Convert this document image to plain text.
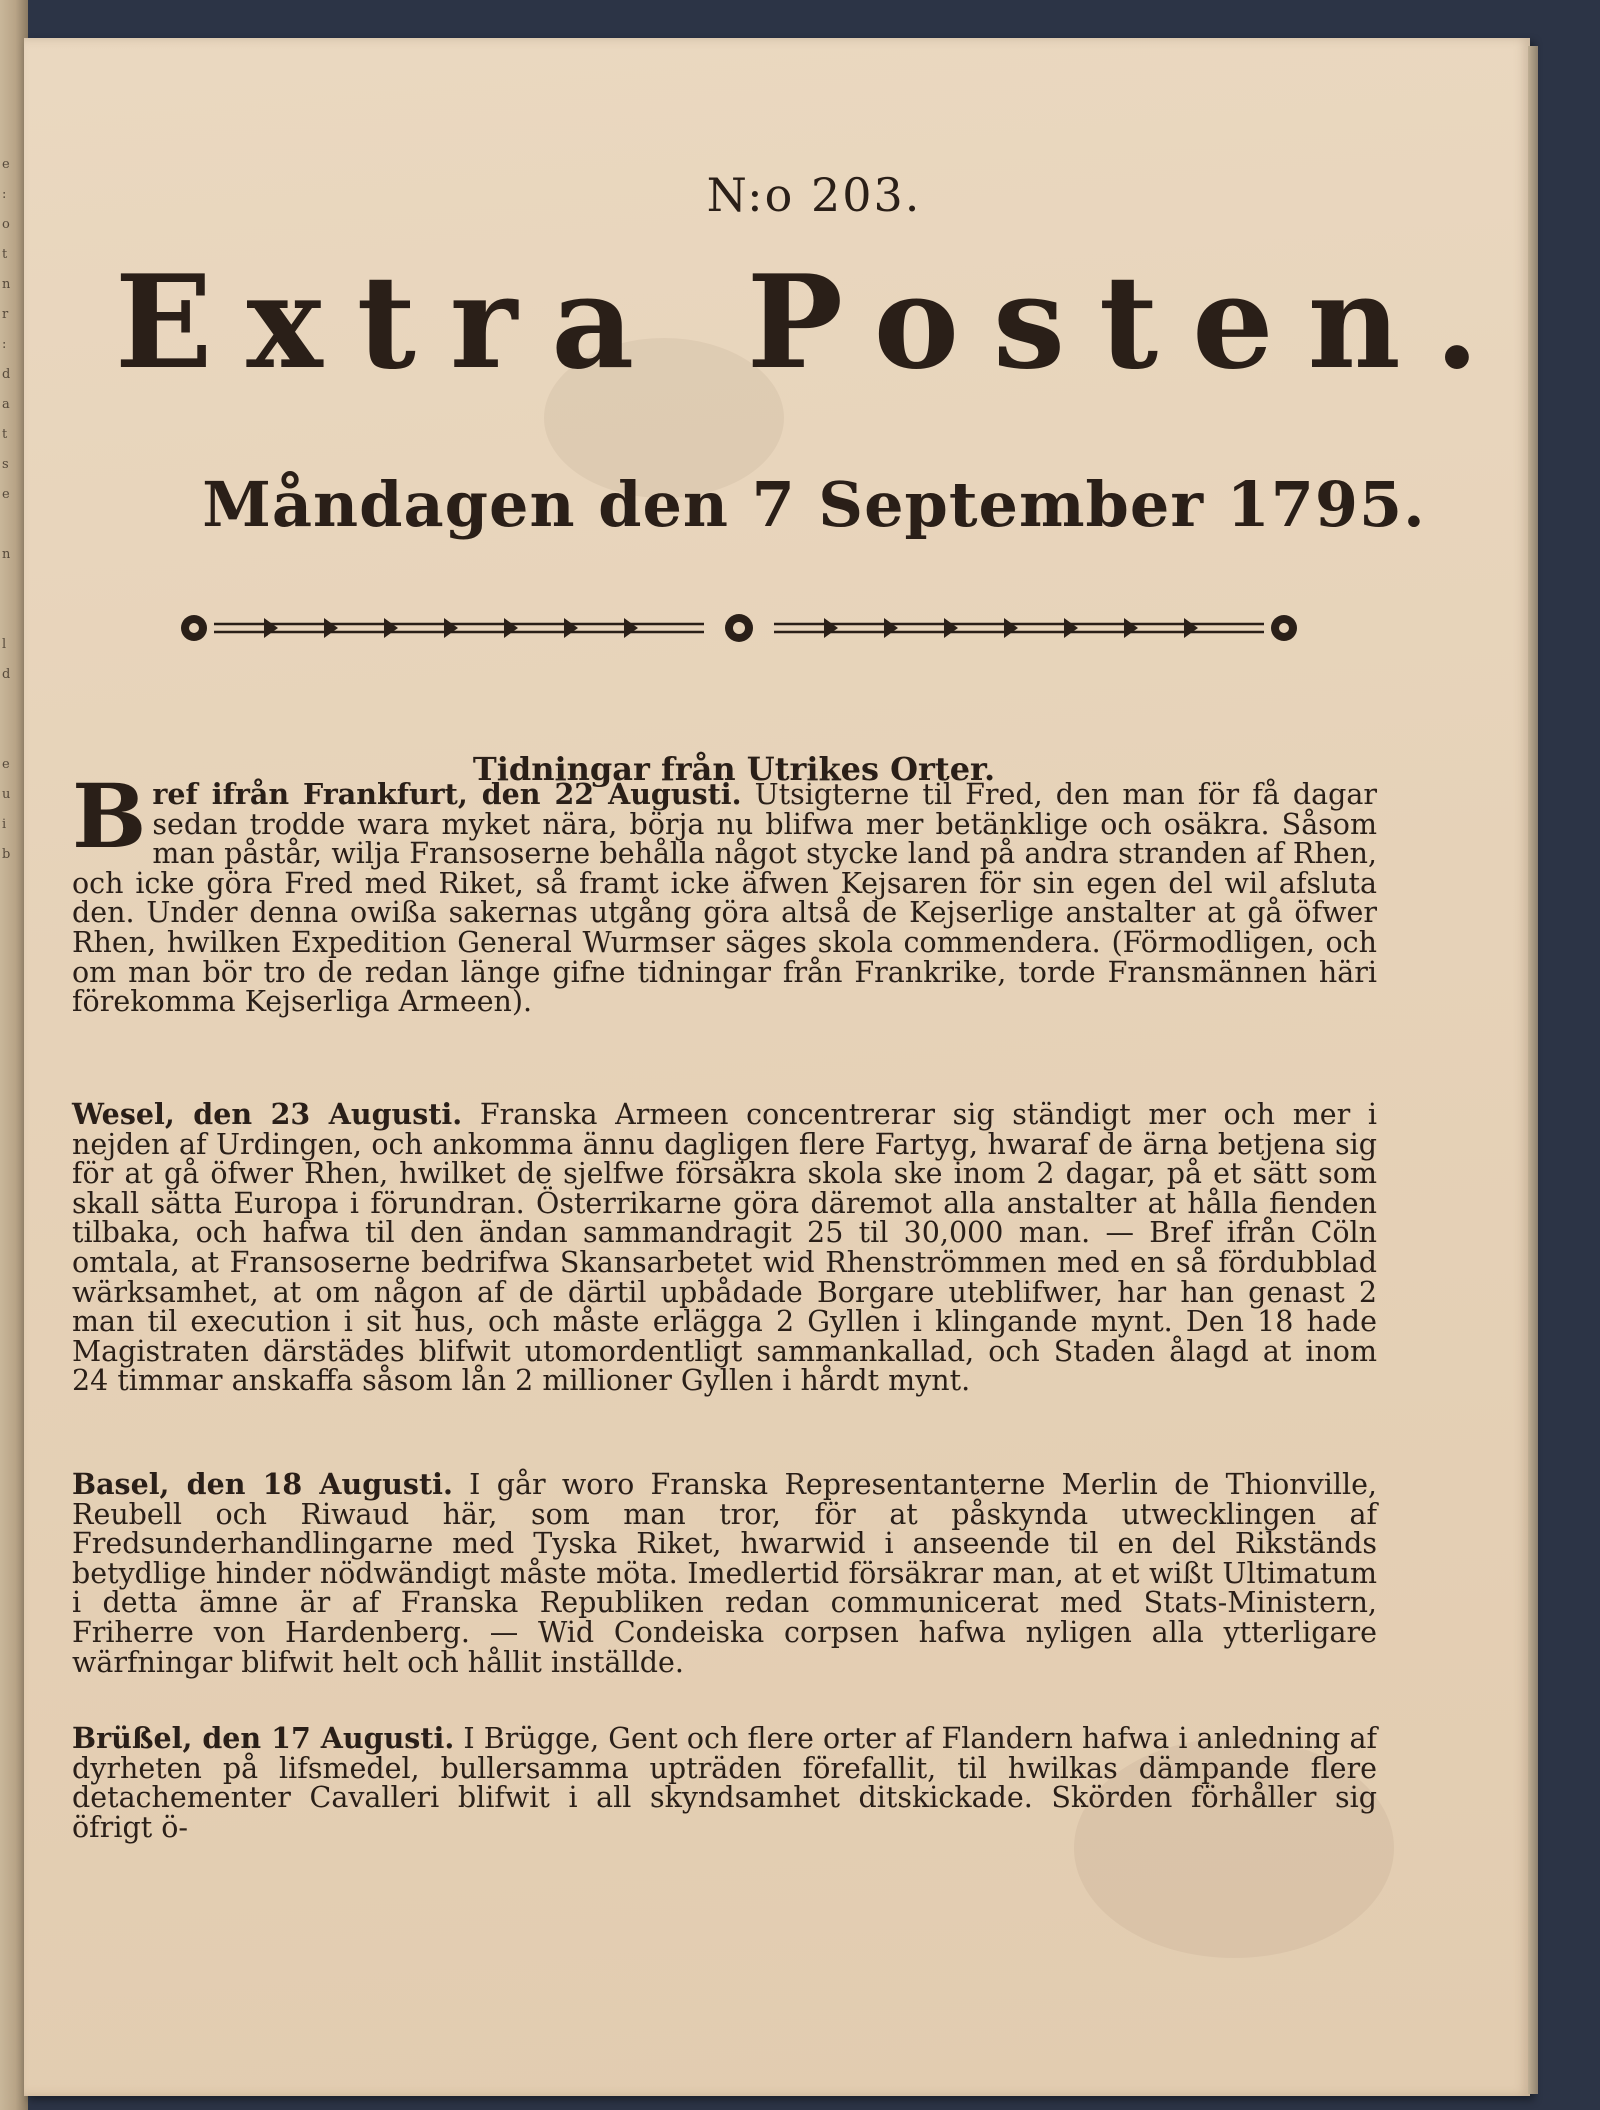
e
:
o
t
n
r
:
d
a
t
s
e

n

l
d

e
u
i
b
N:o 203.
Extra Posten.
Måndagen den 7 September 1795.
Tidningar från Utrikes Orter.
Bref ifrån Frankfurt, den 22 Augusti. Utsigterne til Fred, den man för få dagar sedan trodde wara myket nära, börja nu blifwa mer betänklige och osäkra. Såsom man påstår, wilja Fransoserne behålla något stycke land på andra stranden af Rhen, och icke göra Fred med Riket, så framt icke äfwen Kejsaren för sin egen del wil afsluta den. Under denna owißa sakernas utgång göra altså de Kejserlige anstalter at gå öfwer Rhen, hwilken Expedition General Wurmser säges skola commendera. (Förmodligen, och om man bör tro de redan länge gifne tidningar från Frankrike, torde Fransmännen häri förekomma Kejserliga Armeen).
Wesel, den 23 Augusti. Franska Armeen concentrerar sig ständigt mer och mer i nejden af Urdingen, och ankomma ännu dagligen flere Fartyg, hwaraf de ärna betjena sig för at gå öfwer Rhen, hwilket de sjelfwe försäkra skola ske inom 2 dagar, på et sätt som skall sätta Europa i förundran. Österrikarne göra däremot alla anstalter at hålla fienden tilbaka, och hafwa til den ändan sammandragit 25 til 30,000 man. — Bref ifrån Cöln omtala, at Fransoserne bedrifwa Skansarbetet wid Rhenströmmen med en så fördubblad wärksamhet, at om någon af de därtil upbådade Borgare uteblifwer, har han genast 2 man til execution i sit hus, och måste erlägga 2 Gyllen i klingande mynt. Den 18 hade Magistraten därstädes blifwit utomordentligt sammankallad, och Staden ålagd at inom 24 timmar anskaffa såsom lån 2 millioner Gyllen i hårdt mynt.
Basel, den 18 Augusti. I går woro Franska Representanterne Merlin de Thionville, Reubell och Riwaud här, som man tror, för at påskynda utwecklingen af Fredsunderhandlingarne med Tyska Riket, hwarwid i anseende til en del Rikständs betydlige hinder nödwändigt måste möta. Imedlertid försäkrar man, at et wißt Ultimatum i detta ämne är af Franska Republiken redan communicerat med Stats-Ministern, Friherre von Hardenberg. — Wid Condeiska corpsen hafwa nyligen alla ytterligare wärfningar blifwit helt och hållit inställde.
Brüßel, den 17 Augusti. I Brügge, Gent och flere orter af Flandern hafwa i anledning af dyrheten på lifsmedel, bullersamma upträden förefallit, til hwilkas dämpande flere detachementer Cavalleri blifwit i all skyndsamhet ditskickade. Skörden förhåller sig öfrigt ö-
